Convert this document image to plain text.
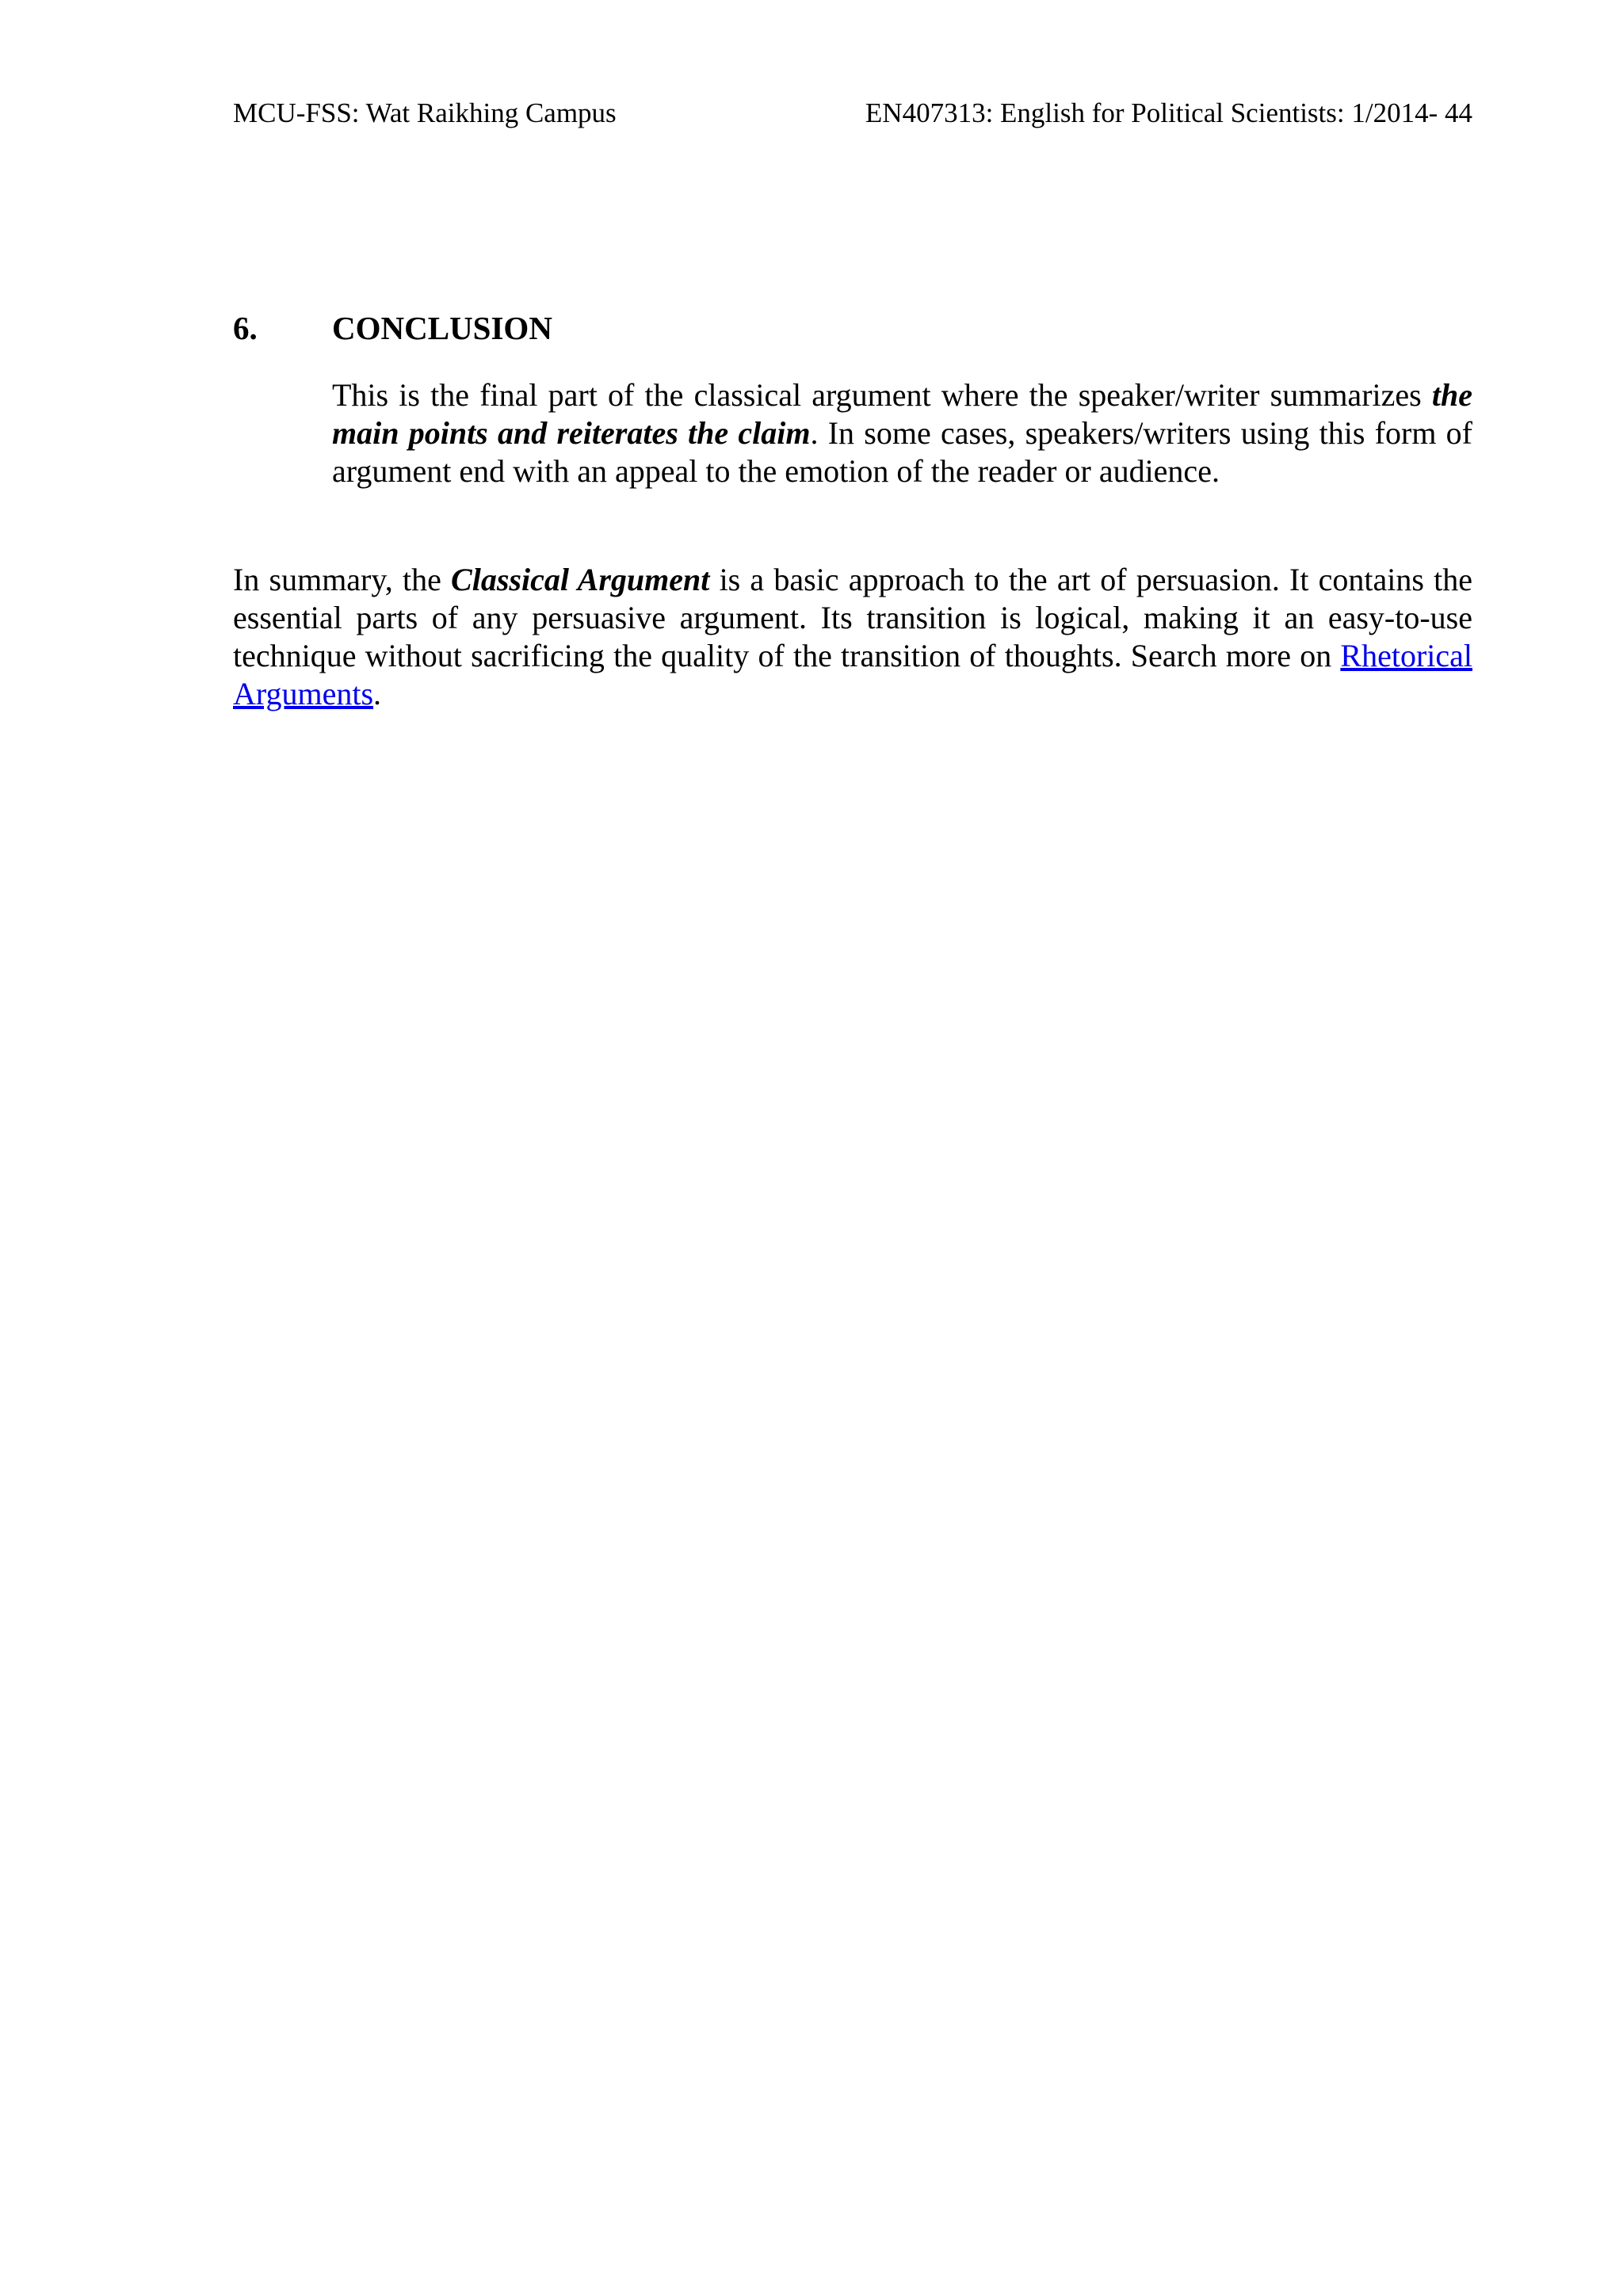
MCU-FSS: Wat Raikhing Campus	EN407313: English for Political Scientists: 1/2014- 44
6. CONCLUSION

This is the final part of the classical argument where the speaker/writer summarizes the main points and reiterates the claim. In some cases, speakers/writers using this form of argument end with an appeal to the emotion of the reader or audience.

In summary, the Classical Argument is a basic approach to the art of persuasion. It contains the essential parts of any persuasive argument. Its transition is logical, making it an easy-to-use technique without sacrificing the quality of the transition of thoughts. Search more on Rhetorical Arguments.
